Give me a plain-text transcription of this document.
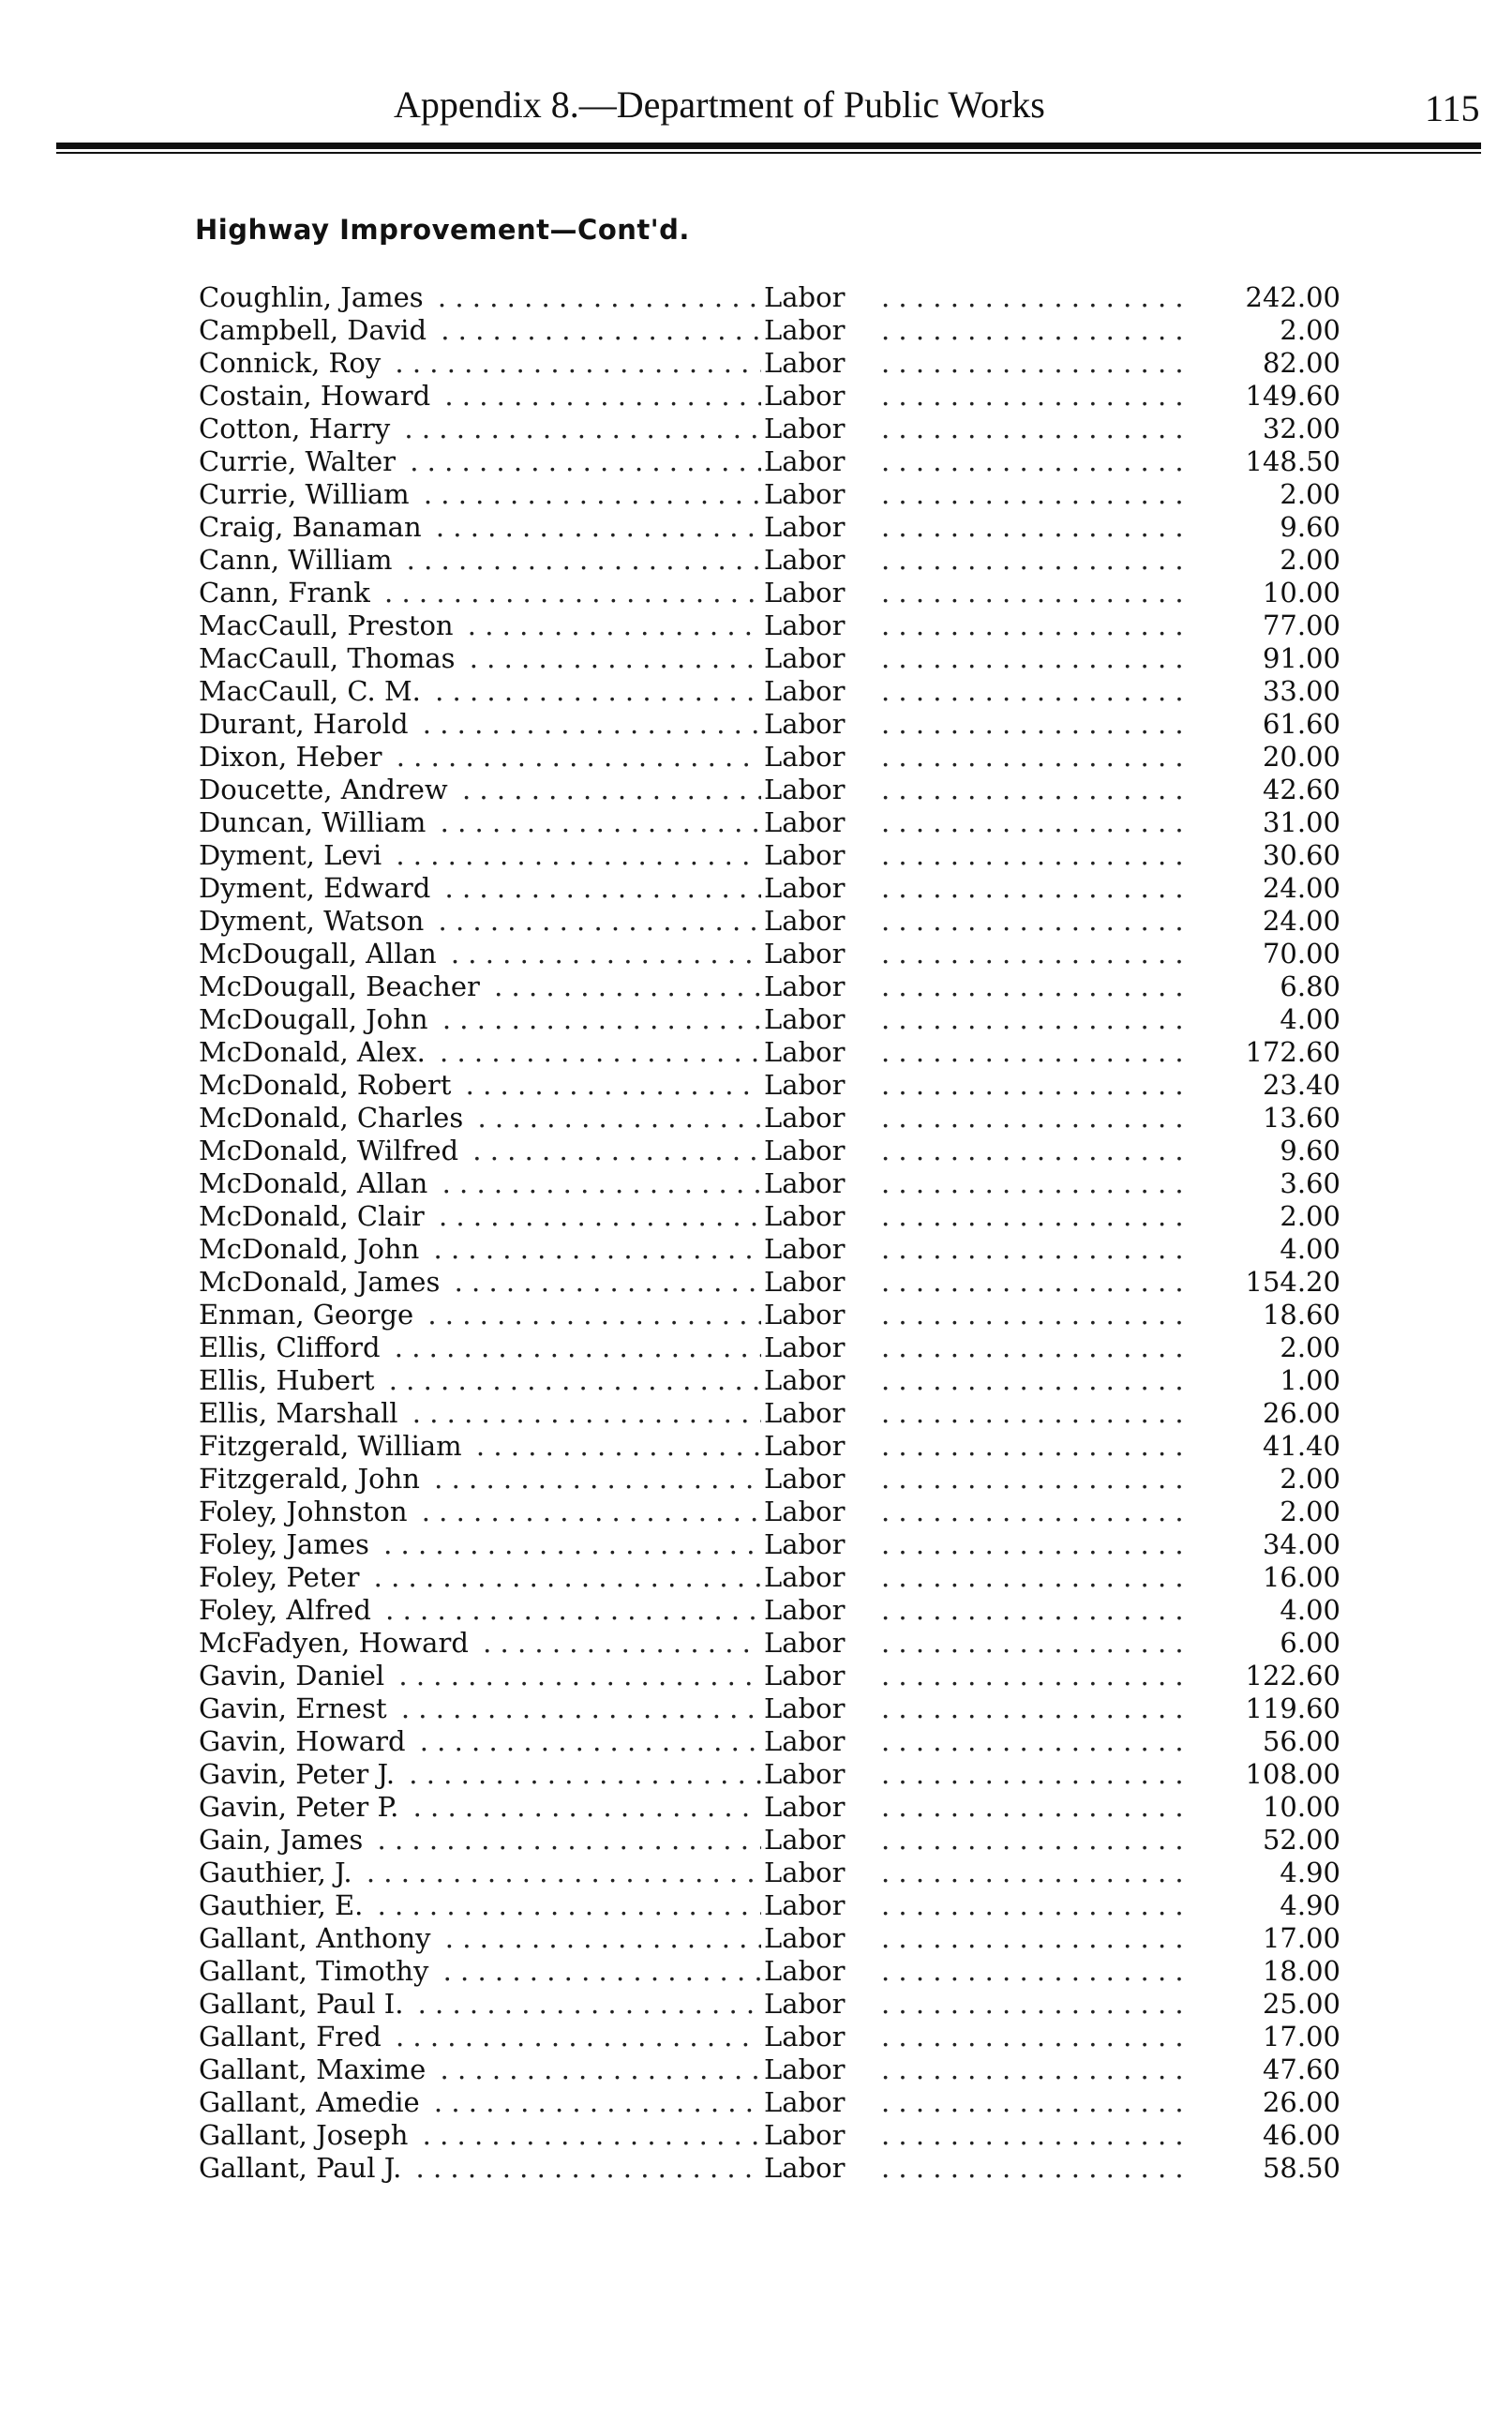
Appendix 8.—Department of Public Works	115
Highway Improvement—Cont'd.
Coughlin, James . . .	Labor . . .	242.00
Campbell, David . . .	Labor . . .	2.00
Connick, Roy . . .	Labor . . .	82.00
Costain, Howard . . .	Labor . . .	149.60
Cotton, Harry . . .	Labor . . .	32.00
Currie, Walter . . .	Labor . . .	148.50
Currie, William . . .	Labor . . .	2.00
Craig, Banaman . . .	Labor . . .	9.60
Cann, William . . .	Labor . . .	2.00
Cann, Frank . . .	Labor . . .	10.00
MacCaull, Preston . . .	Labor . . .	77.00
MacCaull, Thomas . . .	Labor . . .	91.00
MacCaull, C. M. . . .	Labor . . .	33.00
Durant, Harold . . .	Labor . . .	61.60
Dixon, Heber . . .	Labor . . .	20.00
Doucette, Andrew . . .	Labor . . .	42.60
Duncan, William . . .	Labor . . .	31.00
Dyment, Levi . . .	Labor . . .	30.60
Dyment, Edward . . .	Labor . . .	24.00
Dyment, Watson . . .	Labor . . .	24.00
McDougall, Allan . . .	Labor . . .	70.00
McDougall, Beacher . . .	Labor . . .	6.80
McDougall, John . . .	Labor . . .	4.00
McDonald, Alex. . . .	Labor . . .	172.60
McDonald, Robert . . .	Labor . . .	23.40
McDonald, Charles . . .	Labor . . .	13.60
McDonald, Wilfred . . .	Labor . . .	9.60
McDonald, Allan . . .	Labor . . .	3.60
McDonald, Clair . . .	Labor . . .	2.00
McDonald, John . . .	Labor . . .	4.00
McDonald, James . . .	Labor . . .	154.20
Enman, George . . .	Labor . . .	18.60
Ellis, Clifford . . .	Labor . . .	2.00
Ellis, Hubert . . .	Labor . . .	1.00
Ellis, Marshall . . .	Labor . . .	26.00
Fitzgerald, William . . .	Labor . . .	41.40
Fitzgerald, John . . .	Labor . . .	2.00
Foley, Johnston . . .	Labor . . .	2.00
Foley, James . . .	Labor . . .	34.00
Foley, Peter . . .	Labor . . .	16.00
Foley, Alfred . . .	Labor . . .	4.00
McFadyen, Howard . . .	Labor . . .	6.00
Gavin, Daniel . . .	Labor . . .	122.60
Gavin, Ernest . . .	Labor . . .	119.60
Gavin, Howard . . .	Labor . . .	56.00
Gavin, Peter J. . . .	Labor . . .	108.00
Gavin, Peter P. . . .	Labor . . .	10.00
Gain, James . . .	Labor . . .	52.00
Gauthier, J. . . .	Labor . . .	4.90
Gauthier, E. . . .	Labor . . .	4.90
Gallant, Anthony . . .	Labor . . .	17.00
Gallant, Timothy . . .	Labor . . .	18.00
Gallant, Paul I. . . .	Labor . . .	25.00
Gallant, Fred . . .	Labor . . .	17.00
Gallant, Maxime . . .	Labor . . .	47.60
Gallant, Amedie . . .	Labor . . .	26.00
Gallant, Joseph . . .	Labor . . .	46.00
Gallant, Paul J. . . .	Labor . . .	58.50
